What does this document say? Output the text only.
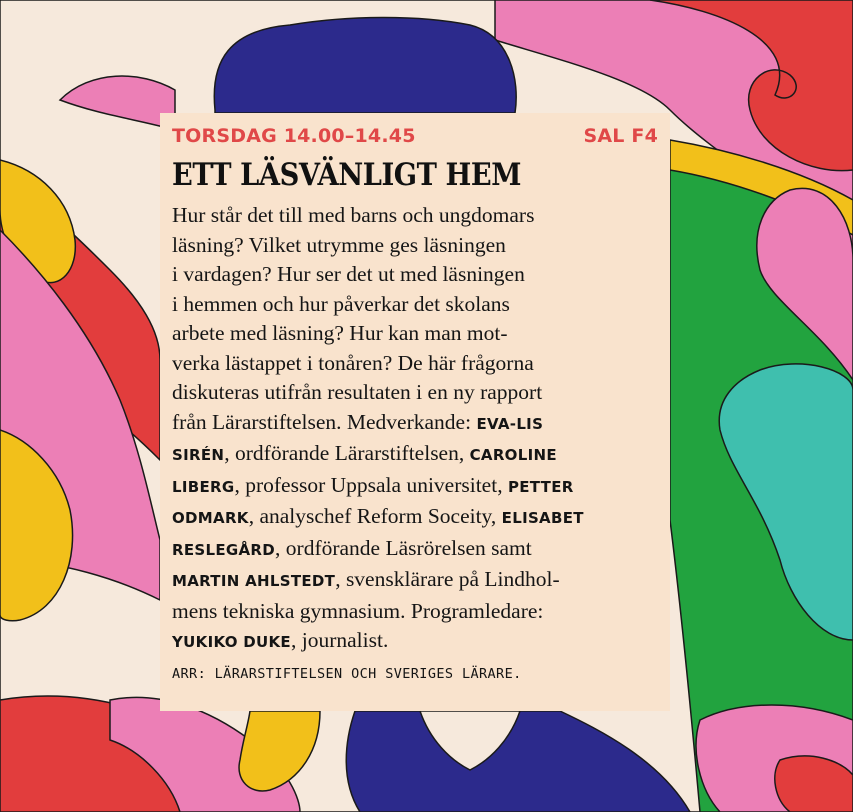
TORSDAG 14.00–14.45	SAL F4
ETT LÄSVÄNLIGT HEM
Hur står det till med barns och ungdomars
läsning? Vilket utrymme ges läsningen
i vardagen? Hur ser det ut med läsningen
i hemmen och hur påverkar det skolans
arbete med läsning? Hur kan man mot-
verka lästappet i tonåren? De här frågorna
diskuteras utifrån resultaten i en ny rapport
från Lärarstiftelsen. Medverkande: EVA-LIS
SIRÉN, ordförande Lärarstiftelsen, CAROLINE
LIBERG, professor Uppsala universitet, PETTER
ODMARK, analyschef Reform Soceity, ELISABET
RESLEGÅRD, ordförande Läsrörelsen samt
MARTIN AHLSTEDT, svensklärare på Lindhol-
mens tekniska gymnasium. Programledare:
YUKIKO DUKE, journalist.
ARR: LÄRARSTIFTELSEN OCH SVERIGES LÄRARE.
